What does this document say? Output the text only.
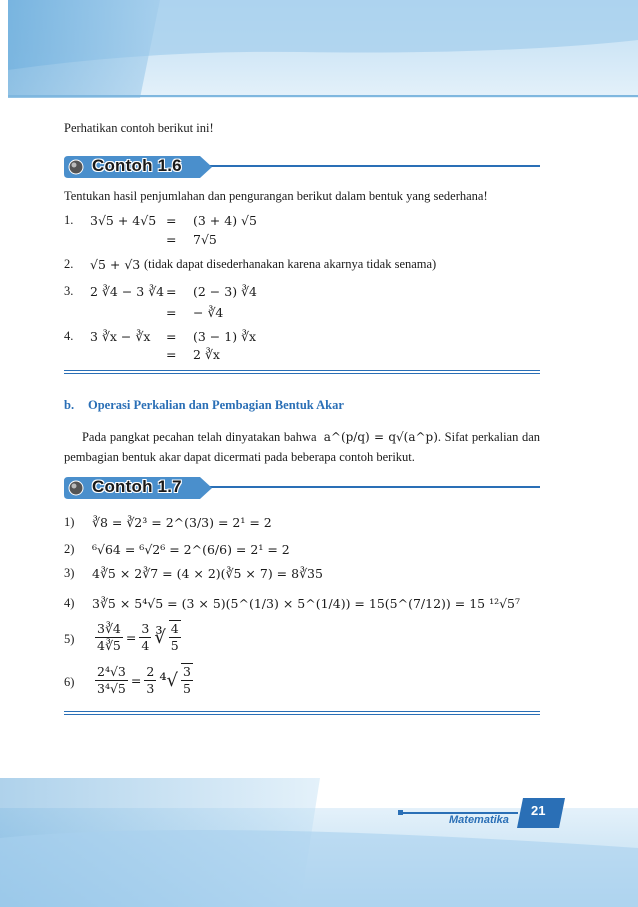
Perhatikan contoh berikut ini!
Contoh 1.6
Tentukan hasil penjumlahan dan pengurangan berikut dalam bentuk yang sederhana!
1. 3√5 + 4√5 = (3 + 4) √5
= 7√5
2. √5 + √3 (tidak dapat disederhanakan karena akarnya tidak senama)
3. 2 ∛4 − 3 ∛4 = (2 − 3) ∛4
= − ∛4
4. 3 ∛x − ∛x = (3 − 1) ∛x
= 2 ∛x
b. Operasi Perkalian dan Pembagian Bentuk Akar
Pada pangkat pecahan telah dinyatakan bahwa a^(p/q) = q√(a^p). Sifat perkalian dan pembagian bentuk akar dapat dicermati pada beberapa contoh berikut.
Contoh 1.7
1) ∛8 = ∛2³ = 2^(3/3) = 2¹ = 2
2) ⁶√64 = ⁶√2⁶ = 2^(6/6) = 2¹ = 2
3) 4∛5 × 2∛7 = (4 × 2)(∛5 × 7) = 8∛35
4) 3∛5 × 5⁴√5 = (3 × 5)(5^(1/3) × 5^(1/4)) = 15(5^(7/12)) = 15 ¹²√5⁷
$5) \frac{3∛4}{4∛5} = \frac{3}{4}$ ∛ $\frac{4}{5}$
$6) \frac{\text{2⁴√3}}{\text{3⁴√5}} = \frac{2}{3} ^4√ \frac{3}{5}$
Matematika
21
